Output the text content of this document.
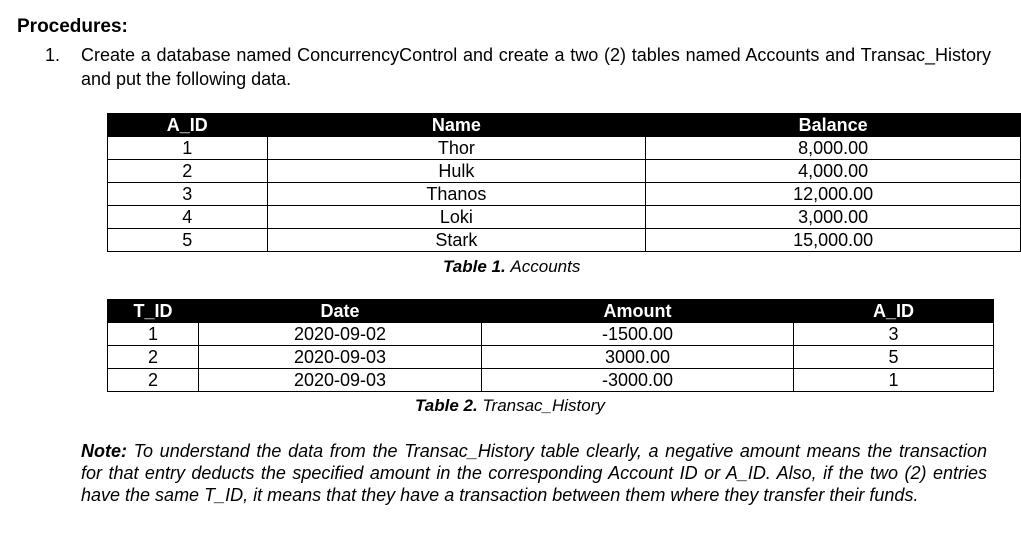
Procedures:
1. Create a database named ConcurrencyControl and create a two (2) tables named Accounts and Transac_History and put the following data.
A_ID	Name	Balance
1	Thor	8,000.00
2	Hulk	4,000.00
3	Thanos	12,000.00
4	Loki	3,000.00
5	Stark	15,000.00
Table 1. Accounts
T_ID	Date	Amount	A_ID
1	2020-09-02	-1500.00	3
2	2020-09-03	3000.00	5
2	2020-09-03	-3000.00	1
Table 2. Transac_History
Note: To understand the data from the Transac_History table clearly, a negative amount means the transaction for that entry deducts the specified amount in the corresponding Account ID or A_ID. Also, if the two (2) entries have the same T_ID, it means that they have a transaction between them where they transfer their funds.
